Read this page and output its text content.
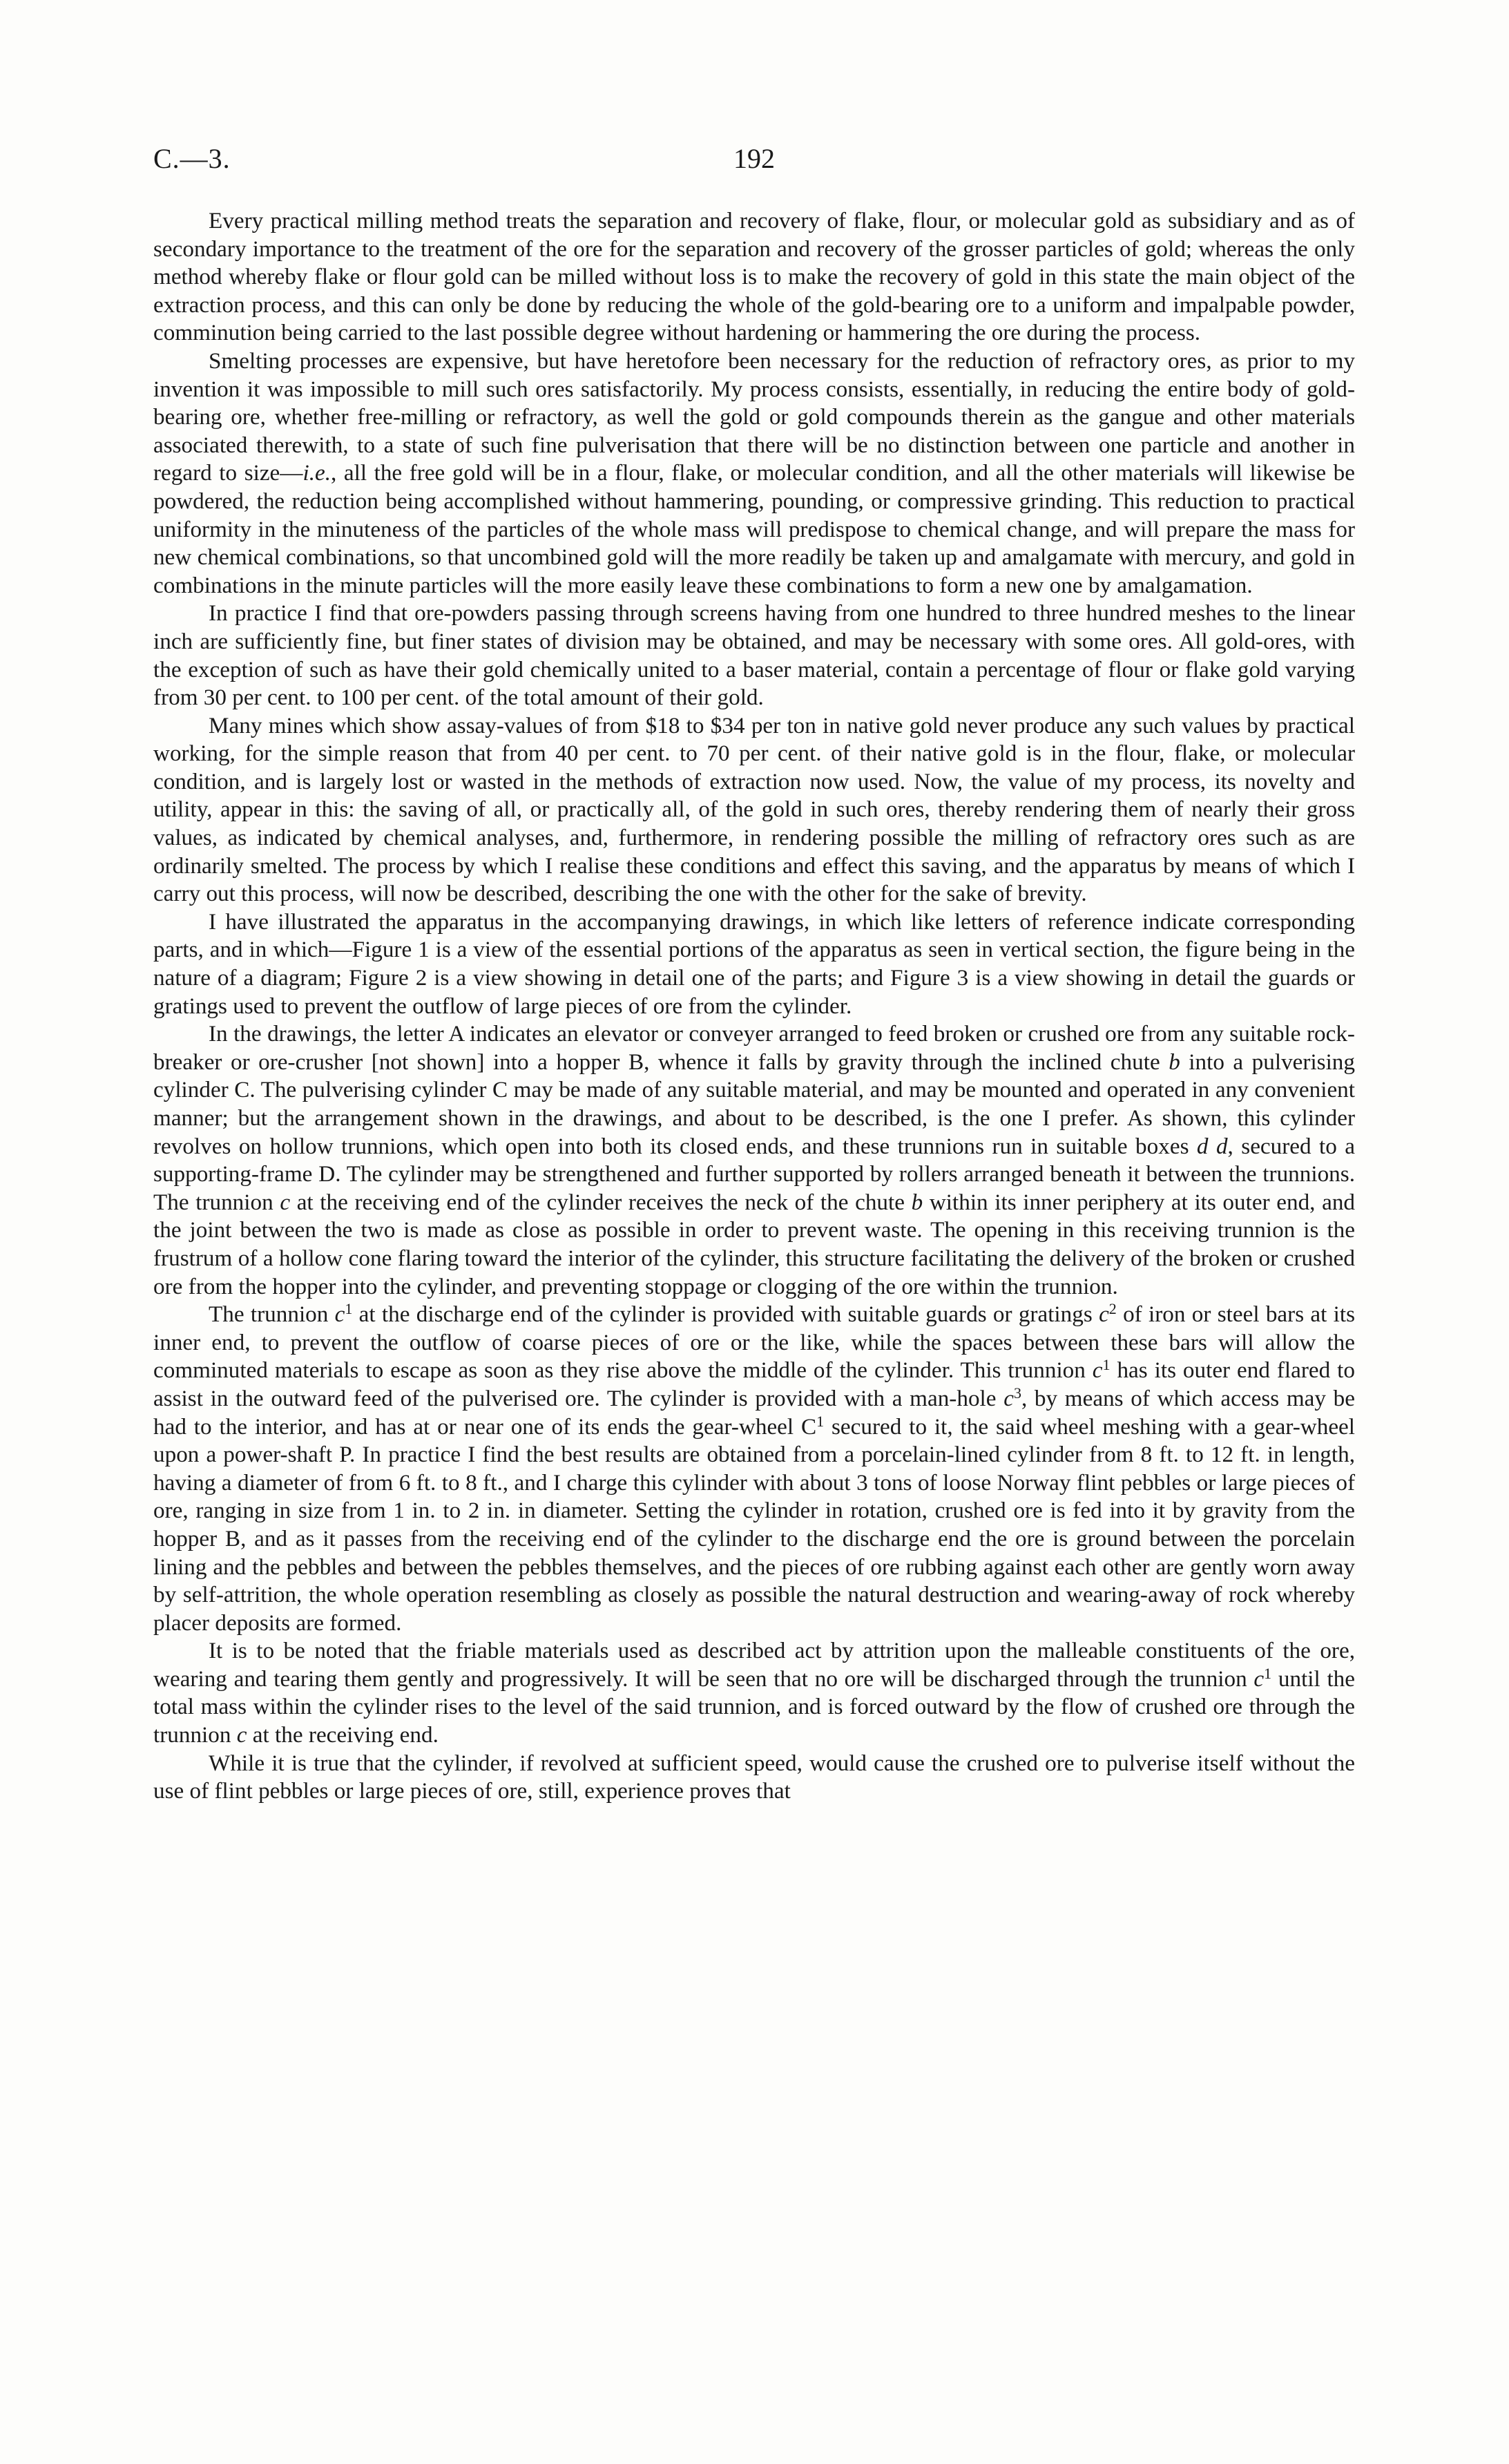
C.—3.	192

Every practical milling method treats the separation and recovery of flake, flour, or molecular gold as subsidiary and as of secondary importance to the treatment of the ore for the separation and recovery of the grosser particles of gold; whereas the only method whereby flake or flour gold can be milled without loss is to make the recovery of gold in this state the main object of the extraction process, and this can only be done by reducing the whole of the gold-bearing ore to a uniform and impalpable powder, comminution being carried to the last possible degree without hardening or hammering the ore during the process.

Smelting processes are expensive, but have heretofore been necessary for the reduction of refractory ores, as prior to my invention it was impossible to mill such ores satisfactorily. My process consists, essentially, in reducing the entire body of gold-bearing ore, whether free-milling or refractory, as well the gold or gold compounds therein as the gangue and other materials associated therewith, to a state of such fine pulverisation that there will be no distinction between one particle and another in regard to size—i.e., all the free gold will be in a flour, flake, or molecular condition, and all the other materials will likewise be powdered, the reduction being accomplished without hammering, pounding, or compressive grinding. This reduction to practical uniformity in the minuteness of the particles of the whole mass will predispose to chemical change, and will prepare the mass for new chemical combinations, so that uncombined gold will the more readily be taken up and amalgamate with mercury, and gold in combinations in the minute particles will the more easily leave these combinations to form a new one by amalgamation.

In practice I find that ore-powders passing through screens having from one hundred to three hundred meshes to the linear inch are sufficiently fine, but finer states of division may be obtained, and may be necessary with some ores. All gold-ores, with the exception of such as have their gold chemically united to a baser material, contain a percentage of flour or flake gold varying from 30 per cent. to 100 per cent. of the total amount of their gold.

Many mines which show assay-values of from $18 to $34 per ton in native gold never produce any such values by practical working, for the simple reason that from 40 per cent. to 70 per cent. of their native gold is in the flour, flake, or molecular condition, and is largely lost or wasted in the methods of extraction now used. Now, the value of my process, its novelty and utility, appear in this: the saving of all, or practically all, of the gold in such ores, thereby rendering them of nearly their gross values, as indicated by chemical analyses, and, furthermore, in rendering possible the milling of refractory ores such as are ordinarily smelted. The process by which I realise these conditions and effect this saving, and the apparatus by means of which I carry out this process, will now be described, describing the one with the other for the sake of brevity.

I have illustrated the apparatus in the accompanying drawings, in which like letters of reference indicate corresponding parts, and in which—Figure 1 is a view of the essential portions of the apparatus as seen in vertical section, the figure being in the nature of a diagram; Figure 2 is a view showing in detail one of the parts; and Figure 3 is a view showing in detail the guards or gratings used to prevent the outflow of large pieces of ore from the cylinder.

In the drawings, the letter A indicates an elevator or conveyer arranged to feed broken or crushed ore from any suitable rock-breaker or ore-crusher [not shown] into a hopper B, whence it falls by gravity through the inclined chute b into a pulverising cylinder C. The pulverising cylinder C may be made of any suitable material, and may be mounted and operated in any convenient manner; but the arrangement shown in the drawings, and about to be described, is the one I prefer. As shown, this cylinder revolves on hollow trunnions, which open into both its closed ends, and these trunnions run in suitable boxes d d, secured to a supporting-frame D. The cylinder may be strengthened and further supported by rollers arranged beneath it between the trunnions. The trunnion c at the receiving end of the cylinder receives the neck of the chute b within its inner periphery at its outer end, and the joint between the two is made as close as possible in order to prevent waste. The opening in this receiving trunnion is the frustrum of a hollow cone flaring toward the interior of the cylinder, this structure facilitating the delivery of the broken or crushed ore from the hopper into the cylinder, and preventing stoppage or clogging of the ore within the trunnion.

The trunnion $c^1$ at the discharge end of the cylinder is provided with suitable guards or gratings $c^2$ of iron or steel bars at its inner end, to prevent the outflow of coarse pieces of ore or the like, while the spaces between these bars will allow the comminuted materials to escape as soon as they rise above the middle of the cylinder. This trunnion $c^1$ has its outer end flared to assist in the outward feed of the pulverised ore. The cylinder is provided with a man-hole $c^3$, by means of which access may be had to the interior, and has at or near one of its ends the gear-wheel $C^1$ secured to it, the said wheel meshing with a gear-wheel upon a power-shaft P. In practice I find the best results are obtained from a porcelain-lined cylinder from 8 ft. to 12 ft. in length, having a diameter of from 6 ft. to 8 ft., and I charge this cylinder with about 3 tons of loose Norway flint pebbles or large pieces of ore, ranging in size from 1 in. to 2 in. in diameter. Setting the cylinder in rotation, crushed ore is fed into it by gravity from the hopper B, and as it passes from the receiving end of the cylinder to the discharge end the ore is ground between the porcelain lining and the pebbles and between the pebbles themselves, and the pieces of ore rubbing against each other are gently worn away by self-attrition, the whole operation resembling as closely as possible the natural destruction and wearing-away of rock whereby placer deposits are formed.

It is to be noted that the friable materials used as described act by attrition upon the malleable constituents of the ore, wearing and tearing them gently and progressively. It will be seen that no ore will be discharged through the trunnion $c^1$ until the total mass within the cylinder rises to the level of the said trunnion, and is forced outward by the flow of crushed ore through the trunnion c at the receiving end.

While it is true that the cylinder, if revolved at sufficient speed, would cause the crushed ore to pulverise itself without the use of flint pebbles or large pieces of ore, still, experience proves that
